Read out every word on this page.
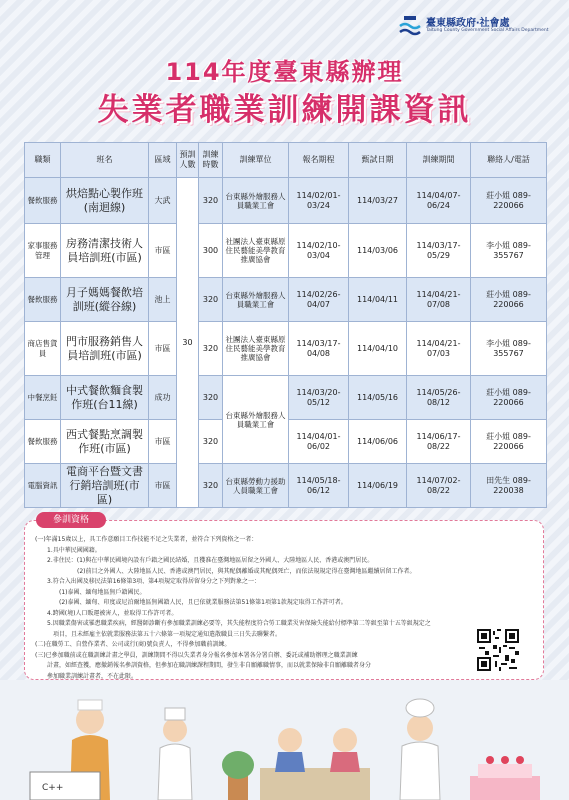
臺東縣政府‧社會處
Taitung County Government Social Affairs Department
114年度臺東縣辦理
失業者職業訓練開課資訊
職類	班名	區域	預訓人數	訓練時數	訓練單位	報名期程	甄試日期	訓練期間	聯絡人/電話
餐飲服務	烘焙點心製作班(南迴線)	大武	30	320	台東縣外燴服務人員職業工會	114/02/01-03/24	114/03/27	114/04/07-06/24	莊小姐 089-220066
家事服務管理	房務清潔技術人員培訓班(市區)	市區		300	社團法人臺東縣原住民藝能美學教育推廣協會	114/02/10-03/04	114/03/06	114/03/17-05/29	李小姐 089-355767
餐飲服務	月子媽媽餐飲培訓班(縱谷線)	池上		320	台東縣外燴服務人員職業工會	114/02/26-04/07	114/04/11	114/04/21-07/08	莊小姐 089-220066
商店售貨員	門市服務銷售人員培訓班(市區)	市區		320	社團法人臺東縣原住民藝能美學教育推廣協會	114/03/17-04/08	114/04/10	114/04/21-07/03	李小姐 089-355767
中餐烹飪	中式餐飲麵食製作班(台11線)	成功		320	台東縣外燴服務人員職業工會	114/03/20-05/12	114/05/16	114/05/26-08/12	莊小姐 089-220066
餐飲服務	西式餐點烹調製作班(市區)	市區		320		114/04/01-06/02	114/06/06	114/06/17-08/22	莊小姐 089-220066
電腦資訊	電商平台暨文書行銷培訓班(市區)	市區		320	台東縣勞動力援助人員職業工會	114/05/18-06/12	114/06/19	114/07/02-08/22	田先生 089-220038
(一)年滿15歲以上，具工作意願目工作技能不足之失業者，並符合下列資格之一者：
1.具中華民國國籍。
2.非住民：(1)與在中華民國境內設有戶籍之國民結婚，且獲准在臺灣地區居留之外國人、大陸地區人民、香港或澳門居民。
(2)前目之外國人、大陸地區人民、香港或澳門居民，與其配偶離婚或其配偶死亡，而依法規規定得在臺灣地區繼續居留工作者。
3.符合入出國及移民法第16條第3項、第4項規定取得居留身分之下列對象之一：
(1)泰國、緬甸地區無戶籍國民。
(2)泰國、緬甸、印度或尼泊爾地區無國籍人民，且已依就業服務法第51條第1項第1款規定取得工作許可者。
4.跨國(境)人口販運被害人，並取得工作許可者。
5.因職業傷害或罹患職業疾病，經醫師診斷有參加職業訓練必要等，其失能程度符合勞工職業災害保險失能給付標準第二等級至第十五等級規定之
項目，且未經雇主依就業服務法第五十六條第一項規定通知遣散職員三日失去聯繫者。
(二)在職勞工、自營作業者、公司或行(商)號負責人，不得參加職前訓練。
(三)已參加職前或在職訓練計畫之學員，訓練期間不得以失業者身分報名參加本署各分署自辦、委託或補助辦理之職業訓練
計畫，如經查獲，應撤銷報名參訓資格，但參加在職訓練課程期間，發生非自願離職情事，而以就業保險非自願離職者身分
參加職業訓練計畫者，不在此限。
參訓資格
C++
